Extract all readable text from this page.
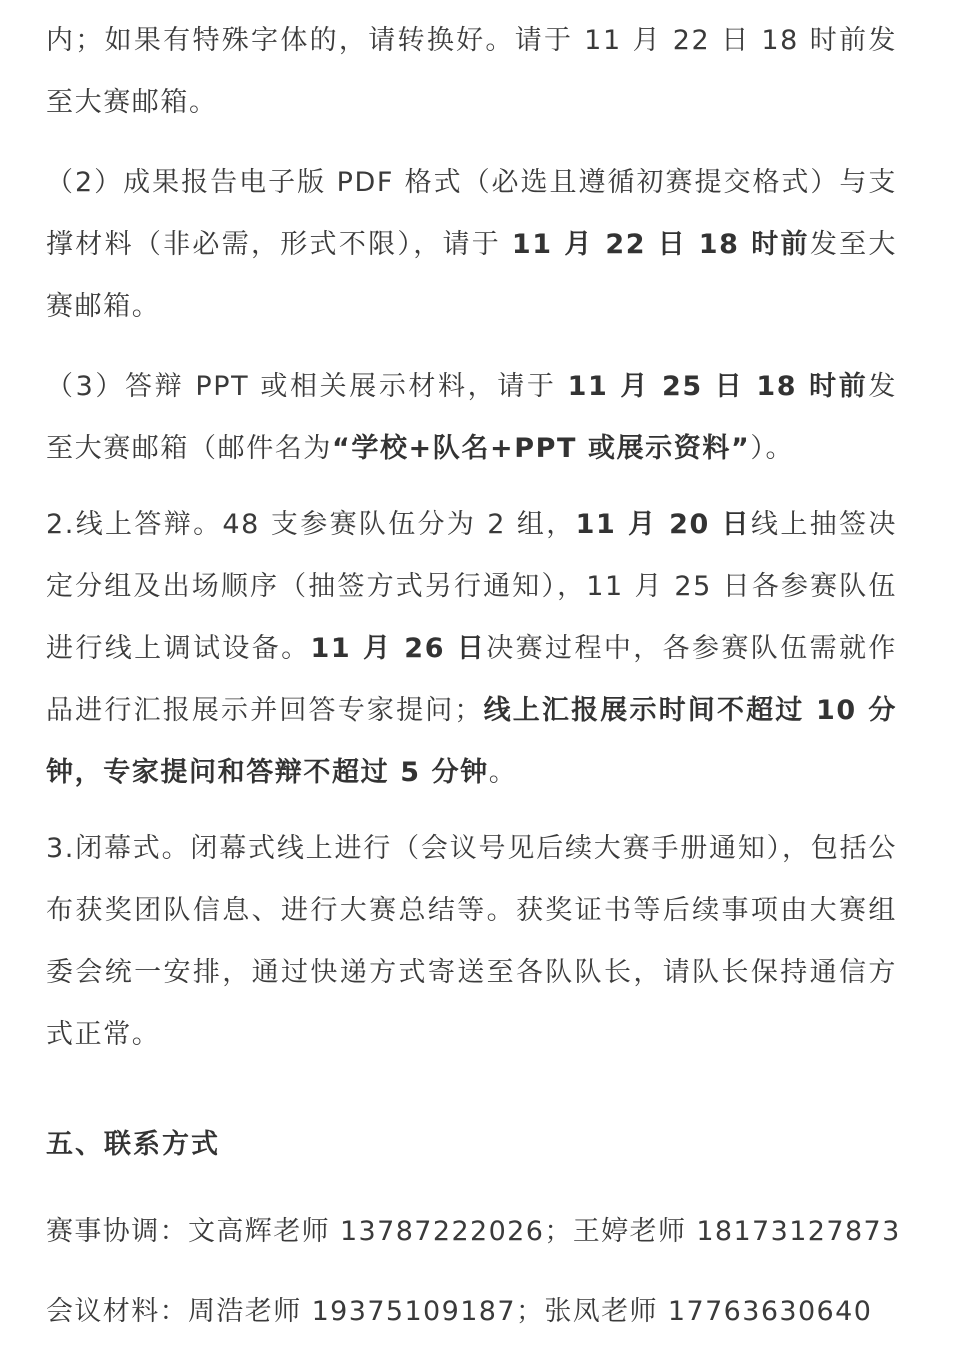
内；如果有特殊字体的，请转换好。请于 11 月 22 日 18 时前发至大赛邮箱。

（2）成果报告电子版 PDF 格式（必选且遵循初赛提交格式）与支撑材料（非必需，形式不限），请于 11 月 22 日 18 时前发至大赛邮箱。

（3）答辩 PPT 或相关展示材料，请于 11 月 25 日 18 时前发至大赛邮箱（邮件名为“学校+队名+PPT 或展示资料”）。

2.线上答辩。48 支参赛队伍分为 2 组，11 月 20 日线上抽签决定分组及出场顺序（抽签方式另行通知），11 月 25 日各参赛队伍进行线上调试设备。11 月 26 日决赛过程中，各参赛队伍需就作品进行汇报展示并回答专家提问；线上汇报展示时间不超过 10 分钟，专家提问和答辩不超过 5 分钟。

3.闭幕式。闭幕式线上进行（会议号见后续大赛手册通知），包括公布获奖团队信息、进行大赛总结等。获奖证书等后续事项由大赛组委会统一安排，通过快递方式寄送至各队队长，请队长保持通信方式正常。

五、联系方式

赛事协调：文高辉老师 13787222026；王婷老师 18173127873

会议材料：周浩老师 19375109187；张凤老师 17763630640
